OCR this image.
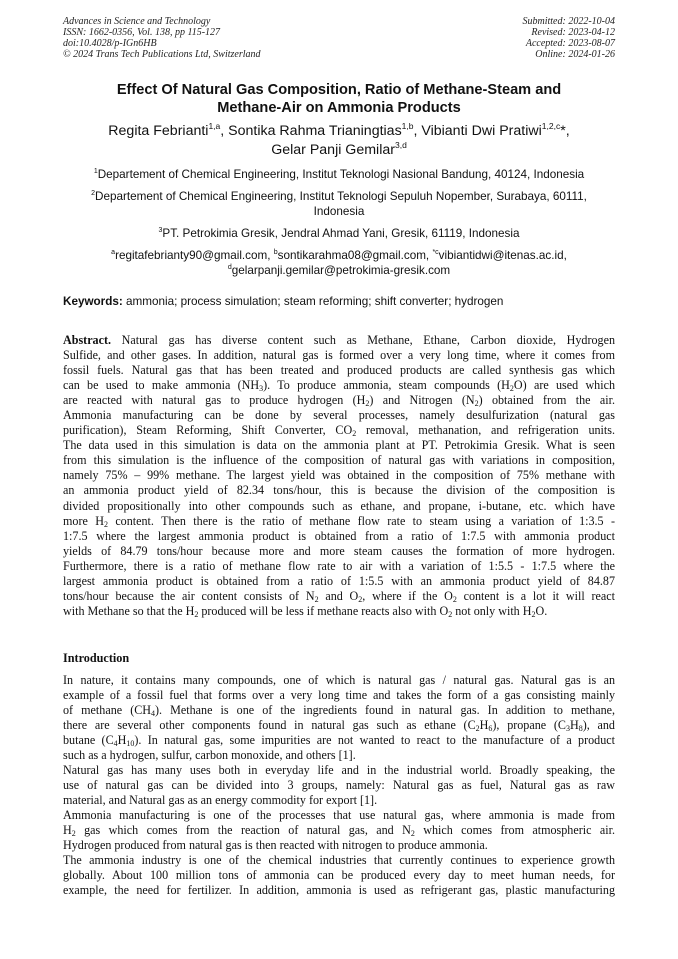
Advances in Science and Technology
ISSN: 1662-0356, Vol. 138, pp 115-127
doi:10.4028/p-IGn6HB
© 2024 Trans Tech Publications Ltd, Switzerland
Submitted: 2022-10-04
Revised: 2023-04-12
Accepted: 2023-08-07
Online: 2024-01-26
Effect Of Natural Gas Composition, Ratio of Methane-Steam and
Methane-Air on Ammonia Products
Regita Febrianti$^{1,a}$, Sontika Rahma Trianingtias$^{1,b}$, Vibianti Dwi Pratiwi$^{1,2,c}$*,
Gelar Panji Gemilar$^{3,d}$
$^1$Departement of Chemical Engineering, Institut Teknologi Nasional Bandung, 40124, Indonesia
$^2$Departement of Chemical Engineering, Institut Teknologi Sepuluh Nopember, Surabaya, 60111,
Indonesia
$^3$PT. Petrokimia Gresik, Jendral Ahmad Yani, Gresik, 61119, Indonesia
$^a$regitafebrianty90@gmail.com, $^b$sontikarahma08@gmail.com, $^{*c}$vibiantidwi@itenas.ac.id,
$^d$gelarpanji.gemilar@petrokimia-gresik.com
Keywords: ammonia; process simulation; steam reforming; shift converter; hydrogen
Abstract. Natural gas has diverse content such as Methane, Ethane, Carbon dioxide, Hydrogen
Sulfide, and other gases. In addition, natural gas is formed over a very long time, where it comes from
fossil fuels. Natural gas that has been treated and produced products are called synthesis gas which
can be used to make ammonia $(NH_3)$. To produce ammonia, steam compounds $(H_2O)$ are used which
are reacted with natural gas to produce hydrogen $(H_2)$ and Nitrogen $(N_2)$ obtained from the air.
Ammonia manufacturing can be done by several processes, namely desulfurization (natural gas
purification), Steam Reforming, Shift Converter, $CO_2$ removal, methanation, and refrigeration units.
The data used in this simulation is data on the ammonia plant at PT. Petrokimia Gresik. What is seen
from this simulation is the influence of the composition of natural gas with variations in composition,
namely 75% – 99% methane. The largest yield was obtained in the composition of 75% methane with
an ammonia product yield of 82.34 tons/hour, this is because the division of the composition is
divided propositionally into other compounds such as ethane, and propane, i-butane, etc. which have
more $H_2$ content. Then there is the ratio of methane flow rate to steam using a variation of 1:3.5 -
1:7.5 where the largest ammonia product is obtained from a ratio of 1:7.5 with ammonia product
yields of 84.79 tons/hour because more and more steam causes the formation of more hydrogen.
Furthermore, there is a ratio of methane flow rate to air with a variation of 1:5.5 - 1:7.5 where the
largest ammonia product is obtained from a ratio of 1:5.5 with an ammonia product yield of 84.87
tons/hour because the air content consists of $N_2$ and $O_2$, where if the $O_2$ content is a lot it will react
with Methane so that the $H_2$ produced will be less if methane reacts also with $O_2$ not only with $H_2O$.
Introduction
In nature, it contains many compounds, one of which is natural gas / natural gas. Natural gas is an
example of a fossil fuel that forms over a very long time and takes the form of a gas consisting mainly
of methane $(CH_4)$. Methane is one of the ingredients found in natural gas. In addition to methane,
there are several other components found in natural gas such as ethane $(C_2H_6)$, propane $(C_3H_8)$, and
butane $(C_4H_{10})$. In natural gas, some impurities are not wanted to react to the manufacture of a product
such as a hydrogen, sulfur, carbon monoxide, and others [1].
Natural gas has many uses both in everyday life and in the industrial world. Broadly speaking, the
use of natural gas can be divided into 3 groups, namely: Natural gas as fuel, Natural gas as raw
material, and Natural gas as an energy commodity for export [1].
Ammonia manufacturing is one of the processes that use natural gas, where ammonia is made from
$H_2$ gas which comes from the reaction of natural gas, and $N_2$ which comes from atmospheric air.
Hydrogen produced from natural gas is then reacted with nitrogen to produce ammonia.
The ammonia industry is one of the chemical industries that currently continues to experience growth
globally. About 100 million tons of ammonia can be produced every day to meet human needs, for
example, the need for fertilizer. In addition, ammonia is used as refrigerant gas, plastic manufacturing
